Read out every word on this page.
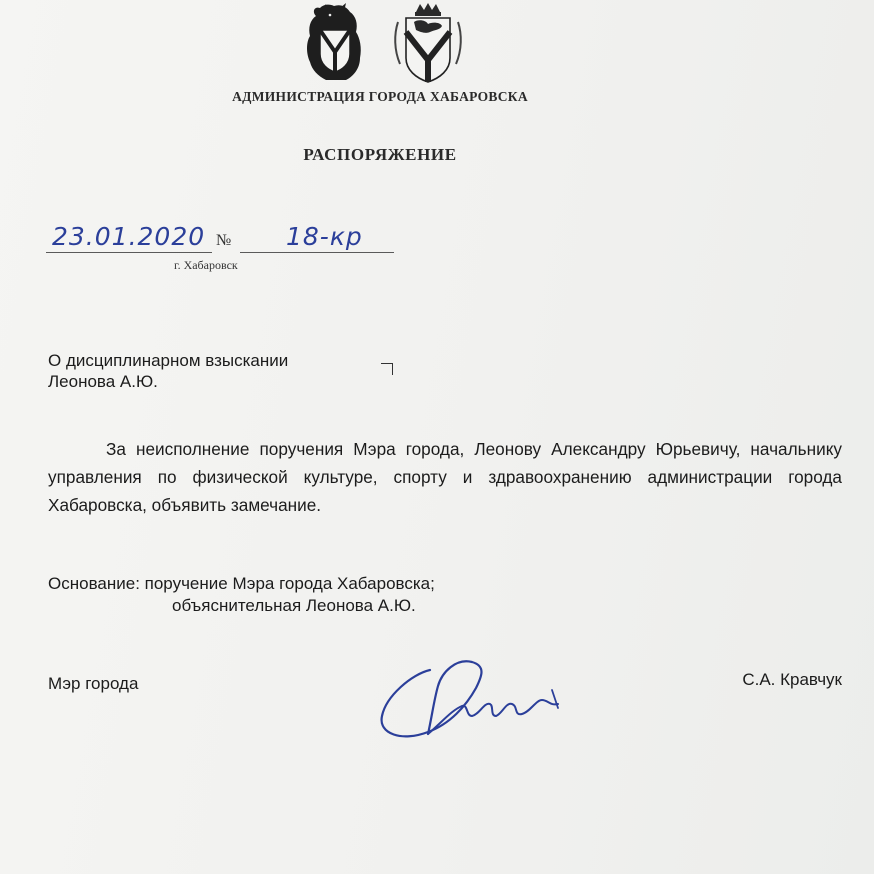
АДМИНИСТРАЦИЯ ГОРОДА ХАБАРОВСКА
РАСПОРЯЖЕНИЕ
23.01.2020 № 18-кр
г. Хабаровск
О дисциплинарном взыскании
Леонова А.Ю.
За неисполнение поручения Мэра города, Леонову Александру Юрьевичу, начальнику управления по физической культуре, спорту и здравоохранению администрации города Хабаровска, объявить замечание.
Основание: поручение Мэра города Хабаровска;
объяснительная Леонова А.Ю.
Мэр города	С.А. Кравчук
